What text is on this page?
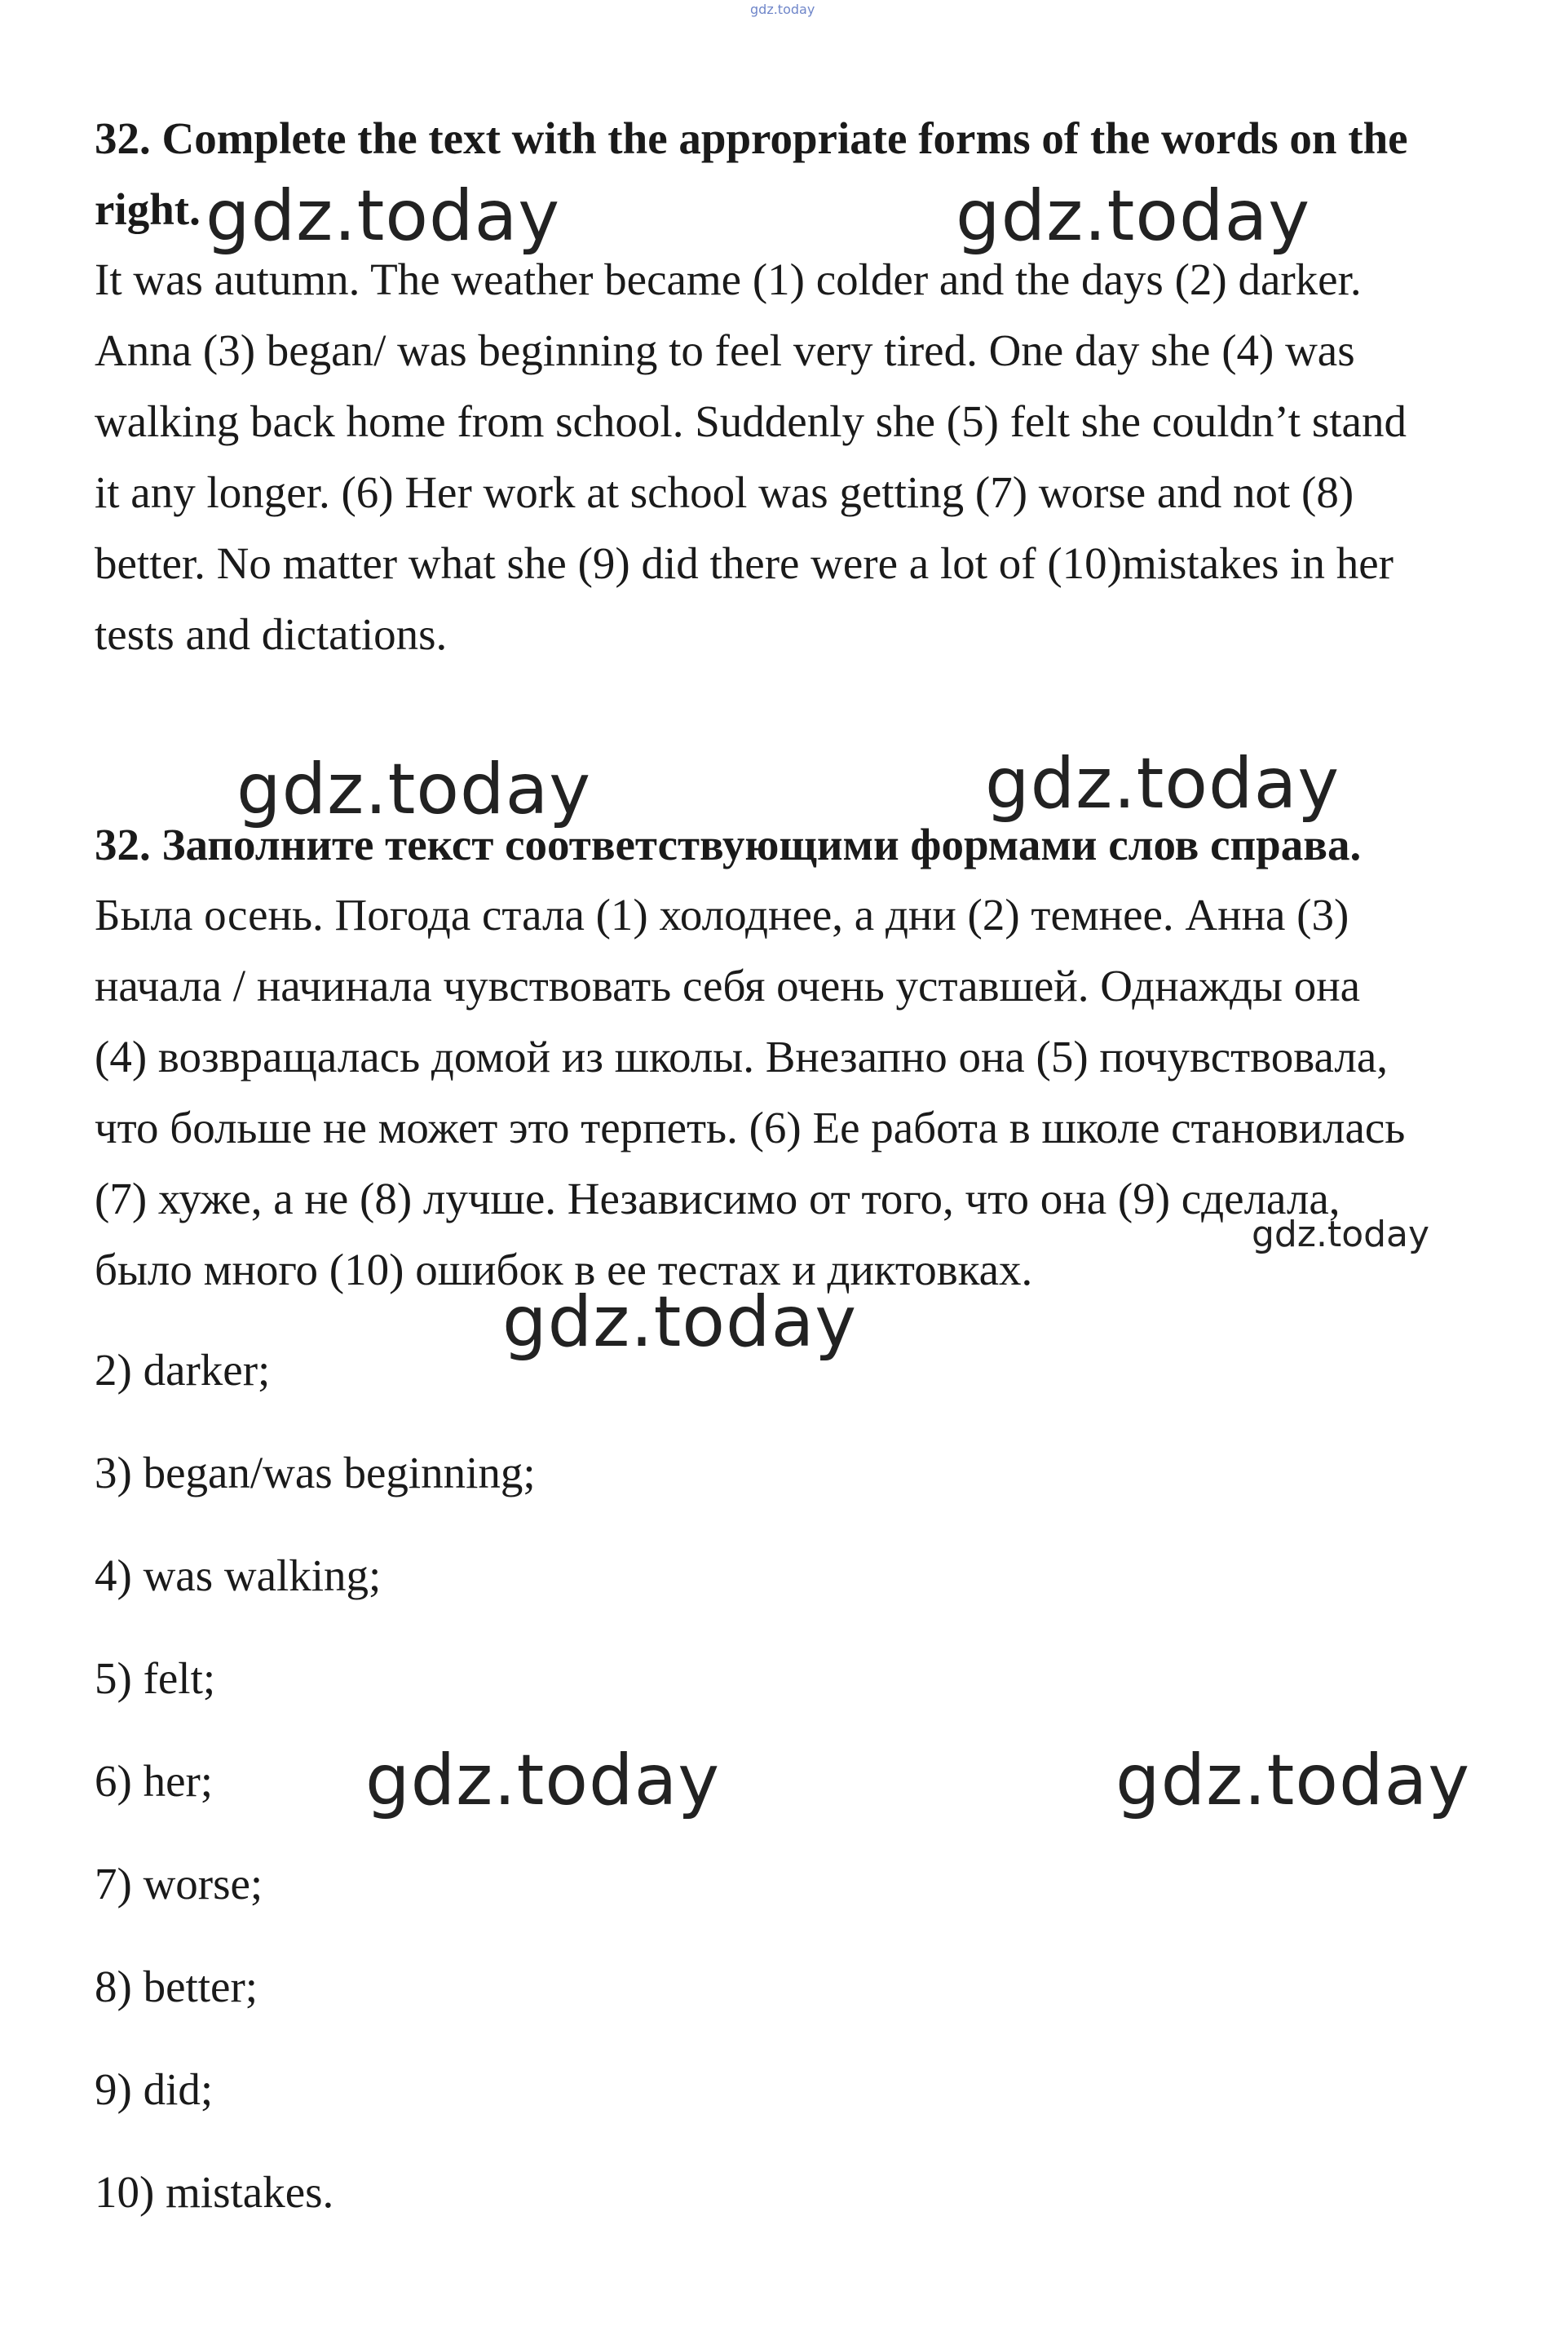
gdz.today
32. Complete the text with the appropriate forms of the words on the
right.
It was autumn. The weather became (1) colder and the days (2) darker.
Anna (3) began/ was beginning to feel very tired. One day she (4) was
walking back home from school. Suddenly she (5) felt she couldn’t stand
it any longer. (6) Her work at school was getting (7) worse and not (8)
better. No matter what she (9) did there were a lot of (10)mistakes in her
tests and dictations.
32. Заполните текст соответствующими формами слов справа.
Была осень. Погода стала (1) холоднее, а дни (2) темнее. Анна (3)
начала / начинала чувствовать себя очень уставшей. Однажды она
(4) возвращалась домой из школы. Внезапно она (5) почувствовала,
что больше не может это терпеть. (6) Ее работа в школе становилась
(7) хуже, а не (8) лучше. Независимо от того, что она (9) сделала,
было много (10) ошибок в ее тестах и диктовках.
2) darker;
3) began/was beginning;
4) was walking;
5) felt;
6) her;
7) worse;
8) better;
9) did;
10) mistakes.
gdz.today	gdz.today
gdz.today	gdz.today
gdz.today
gdz.today
gdz.today	gdz.today
